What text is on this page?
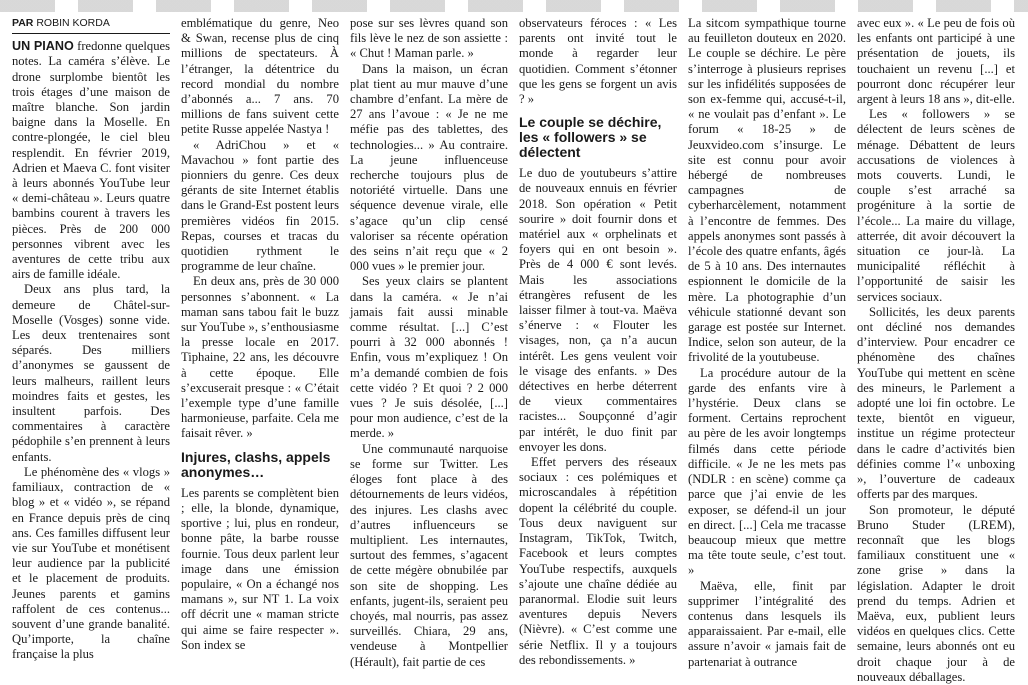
PAR ROBIN KORDA

UN PIANO fredonne quelques notes. La caméra s’élève. Le drone surplombe bientôt les trois étages d’une maison de maître blanche. Son jardin baigne dans la Moselle. En contre-plongée, le ciel bleu resplendit. En février 2019, Adrien et Maeva C. font visiter à leurs abonnés YouTube leur « demi-château ». Leurs quatre bambins courent à travers les pièces. Près de 200 000 personnes vibrent avec les aventures de cette tribu aux airs de famille idéale.

Deux ans plus tard, la demeure de Châtel-sur-Moselle (Vosges) sonne vide. Les deux trentenaires sont séparés. Des milliers d’anonymes se gaussent de leurs malheurs, raillent leurs moindres faits et gestes, les insultent parfois. Des commentaires à caractère pédophile s’en prennent à leurs enfants.

Le phénomène des « vlogs » familiaux, contraction de « blog » et « vidéo », se répand en France depuis près de cinq ans. Ces familles diffusent leur vie sur YouTube et monétisent leur audience par la publicité et le placement de produits. Jeunes parents et gamins raffolent de ces contenus... souvent d’une grande banalité. Qu’importe, la chaîne française la plus

emblématique du genre, Neo & Swan, recense plus de cinq millions de spectateurs. À l’étranger, la détentrice du record mondial du nombre d’abonnés a... 7 ans. 70 millions de fans suivent cette petite Russe appelée Nastya !

« AdriChou » et « Mavachou » font partie des pionniers du genre. Ces deux gérants de site Internet établis dans le Grand-Est postent leurs premières vidéos fin 2015. Repas, courses et tracas du quotidien rythment le programme de leur chaîne.

En deux ans, près de 30 000 personnes s’abonnent. « La maman sans tabou fait le buzz sur YouTube », s’enthousiasme la presse locale en 2017. Tiphaine, 22 ans, les découvre à cette époque. Elle s’excuserait presque : « C’était l’exemple type d’une famille harmonieuse, parfaite. Cela me faisait rêver. »

Injures, clashs, appels anonymes…

Les parents se complètent bien ; elle, la blonde, dynamique, sportive ; lui, plus en rondeur, bonne pâte, la barbe rousse fournie. Tous deux parlent leur image dans une émission populaire, « On a échangé nos mamans », sur NT 1. La voix off décrit une « maman stricte qui aime se faire respecter ». Son index se

pose sur ses lèvres quand son fils lève le nez de son assiette : « Chut ! Maman parle. »

Dans la maison, un écran plat tient au mur mauve d’une chambre d’enfant. La mère de 27 ans l’avoue : « Je ne me méfie pas des tablettes, des technologies... » Au contraire. La jeune influenceuse recherche toujours plus de notoriété virtuelle. Dans une séquence devenue virale, elle s’agace qu’un clip censé valoriser sa récente opération des seins n’ait reçu que « 2 000 vues » le premier jour.

Ses yeux clairs se plantent dans la caméra. « Je n’ai jamais fait aussi minable comme résultat. [...] C’est pourri à 32 000 abonnés ! Enfin, vous m’expliquez ! On m’a demandé combien de fois cette vidéo ? Et quoi ? 2 000 vues ? Je suis désolée, [...] pour mon audience, c’est de la merde. »

Une communauté narquoise se forme sur Twitter. Les éloges font place à des détournements de leurs vidéos, des injures. Les clashs avec d’autres influenceurs se multiplient. Les internautes, surtout des femmes, s’agacent de cette mégère obnubilée par son site de shopping. Les enfants, jugent-ils, seraient peu choyés, mal nourris, pas assez surveillés. Chiara, 29 ans, vendeuse à Montpellier (Hérault), fait partie de ces

observateurs féroces : « Les parents ont invité tout le monde à regarder leur quotidien. Comment s’étonner que les gens se forgent un avis ? »

Le couple se déchire, les « followers » se délectent

Le duo de youtubeurs s’attire de nouveaux ennuis en février 2018. Son opération « Petit sourire » doit fournir dons et matériel aux « orphelinats et foyers qui en ont besoin ». Près de 4 000 € sont levés. Mais les associations étrangères refusent de les laisser filmer à tout-va. Maëva s’énerve : « Flouter les visages, non, ça n’a aucun intérêt. Les gens veulent voir le visage des enfants. » Des détectives en herbe déterrent de vieux commentaires racistes... Soupçonné d’agir par intérêt, le duo finit par envoyer les dons.

Effet pervers des réseaux sociaux : ces polémiques et microscandales à répétition dopent la célébrité du couple. Tous deux naviguent sur Instagram, TikTok, Twitch, Facebook et leurs comptes YouTube respectifs, auxquels s’ajoute une chaîne dédiée au paranormal. Elodie suit leurs aventures depuis Nevers (Nièvre). « C’est comme une série Netflix. Il y a toujours des rebondissements. »

La sitcom sympathique tourne au feuilleton douteux en 2020. Le couple se déchire. Le père s’interroge à plusieurs reprises sur les infidélités supposées de son ex-femme qui, accusé-t-il, « ne voulait pas d’enfant ». Le forum « 18-25 » de Jeuxvideo.com s’insurge. Le site est connu pour avoir hébergé de nombreuses campagnes de cyberharcèlement, notamment à l’encontre de femmes. Des appels anonymes sont passés à l’école des quatre enfants, âgés de 5 à 10 ans. Des internautes espionnent le domicile de la mère. La photographie d’un véhicule stationné devant son garage est postée sur Internet. Indice, selon son auteur, de la frivolité de la youtubeuse.

La procédure autour de la garde des enfants vire à l’hystérie. Deux clans se forment. Certains reprochent au père de les avoir longtemps filmés dans cette période difficile. « Je ne les mets pas (NDLR : en scène) comme ça parce que j’ai envie de les exposer, se défend-il un jour en direct. [...] Cela me tracasse beaucoup mieux que mettre ma tête toute seule, c’est tout. »

Maëva, elle, finit par supprimer l’intégralité des contenus dans lesquels ils apparaissaient. Par e-mail, elle assure n’avoir « jamais fait de partenariat à outrance

avec eux ». « Le peu de fois où les enfants ont participé à une présentation de jouets, ils touchaient un revenu [...] et pourront donc récupérer leur argent à leurs 18 ans », dit-elle.

Les « followers » se délectent de leurs scènes de ménage. Débattent de leurs accusations de violences à mots couverts. Lundi, le couple s’est arraché sa progéniture à la sortie de l’école... La maire du village, atterrée, dit avoir découvert la situation ce jour-là. La municipalité réfléchit à l’opportunité de saisir les services sociaux.

Sollicités, les deux parents ont décliné nos demandes d’interview. Pour encadrer ce phénomène des chaînes YouTube qui mettent en scène des mineurs, le Parlement a adopté une loi fin octobre. Le texte, bientôt en vigueur, institue un régime protecteur dans le cadre d’activités bien définies comme l’« unboxing », l’ouverture de cadeaux offerts par des marques.

Son promoteur, le député Bruno Studer (LREM), reconnaît que les blogs familiaux constituent une « zone grise » dans la législation. Adapter le droit prend du temps. Adrien et Maëva, eux, publient leurs vidéos en quelques clics. Cette semaine, leurs abonnés ont eu droit chaque jour à de nouveaux déballages.
